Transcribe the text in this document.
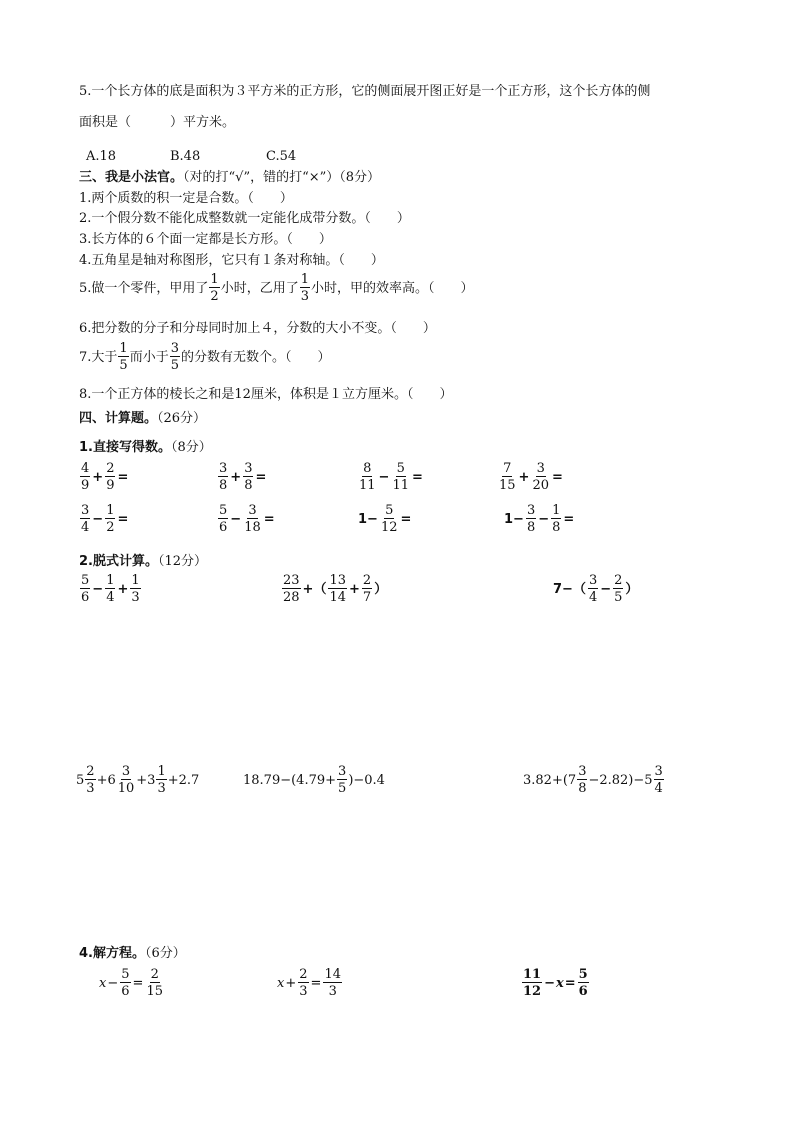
5.一个长方体的底是面积为３平方米的正方形，它的侧面展开图正好是一个正方形，这个长方体的侧
面积是（　　　）平方米。
A.18	B.48	C.54
三、我是小法官。（对的打“√”，错的打“×”）（8分）
1.两个质数的积一定是合数。（　　）
2.一个假分数不能化成整数就一定能化成带分数。（　　）
3.长方体的６个面一定都是长方形。（　　）
4.五角星是轴对称图形，它只有１条对称轴。（　　）
5.做一个零件，甲用了 $\frac{1}{2}$ 小时，乙用了 $\frac{1}{3}$ 小时，甲的效率高。（　　）
6.把分数的分子和分母同时加上４，分数的大小不变。（　　）
7.大于 $\frac{1}{5}$ 而小于 $\frac{3}{5}$ 的分数有无数个。（　　）
8.一个正方体的棱长之和是12厘米，体积是１立方厘米。（　　）
四、计算题。（26分）
1.直接写得数。（8分）
$\frac{4}{9} + \frac{2}{9}$ =	$\frac{3}{8} + \frac{3}{8}$ =	$\frac{8}{11} - \frac{5}{11}$ =	$\frac{7}{15} + \frac{3}{20}$ =
$\frac{3}{4} - \frac{1}{2}$ =	$\frac{5}{6} - \frac{3}{18}$ =	$1- \frac{5}{12}$ =	$1- \frac{3}{8} - \frac{1}{8}$ =
2.脱式计算。（12分）
$\frac{5}{6} - \frac{1}{4} + \frac{1}{3}$	$\frac{23}{28}$ +（ $\frac{13}{14} + \frac{2}{7}$ ）	$7-( \frac{3}{4} - \frac{2}{5}$ ）
$5 \frac{2}{3} +6 \frac{3}{10} +3 \frac{1}{3} +2.7$	$18.79-(4.79+ \frac{3}{5} )-0.4$	$3.82+(7 \frac{3}{8} -2.82)-5 \frac{3}{4}$
4.解方程。（6分）
$x - \frac{5}{6} = \frac{2}{15}$	$x + \frac{2}{3} = \frac{14}{3}$	$\frac{11}{12} - x = \frac{5}{6}$
